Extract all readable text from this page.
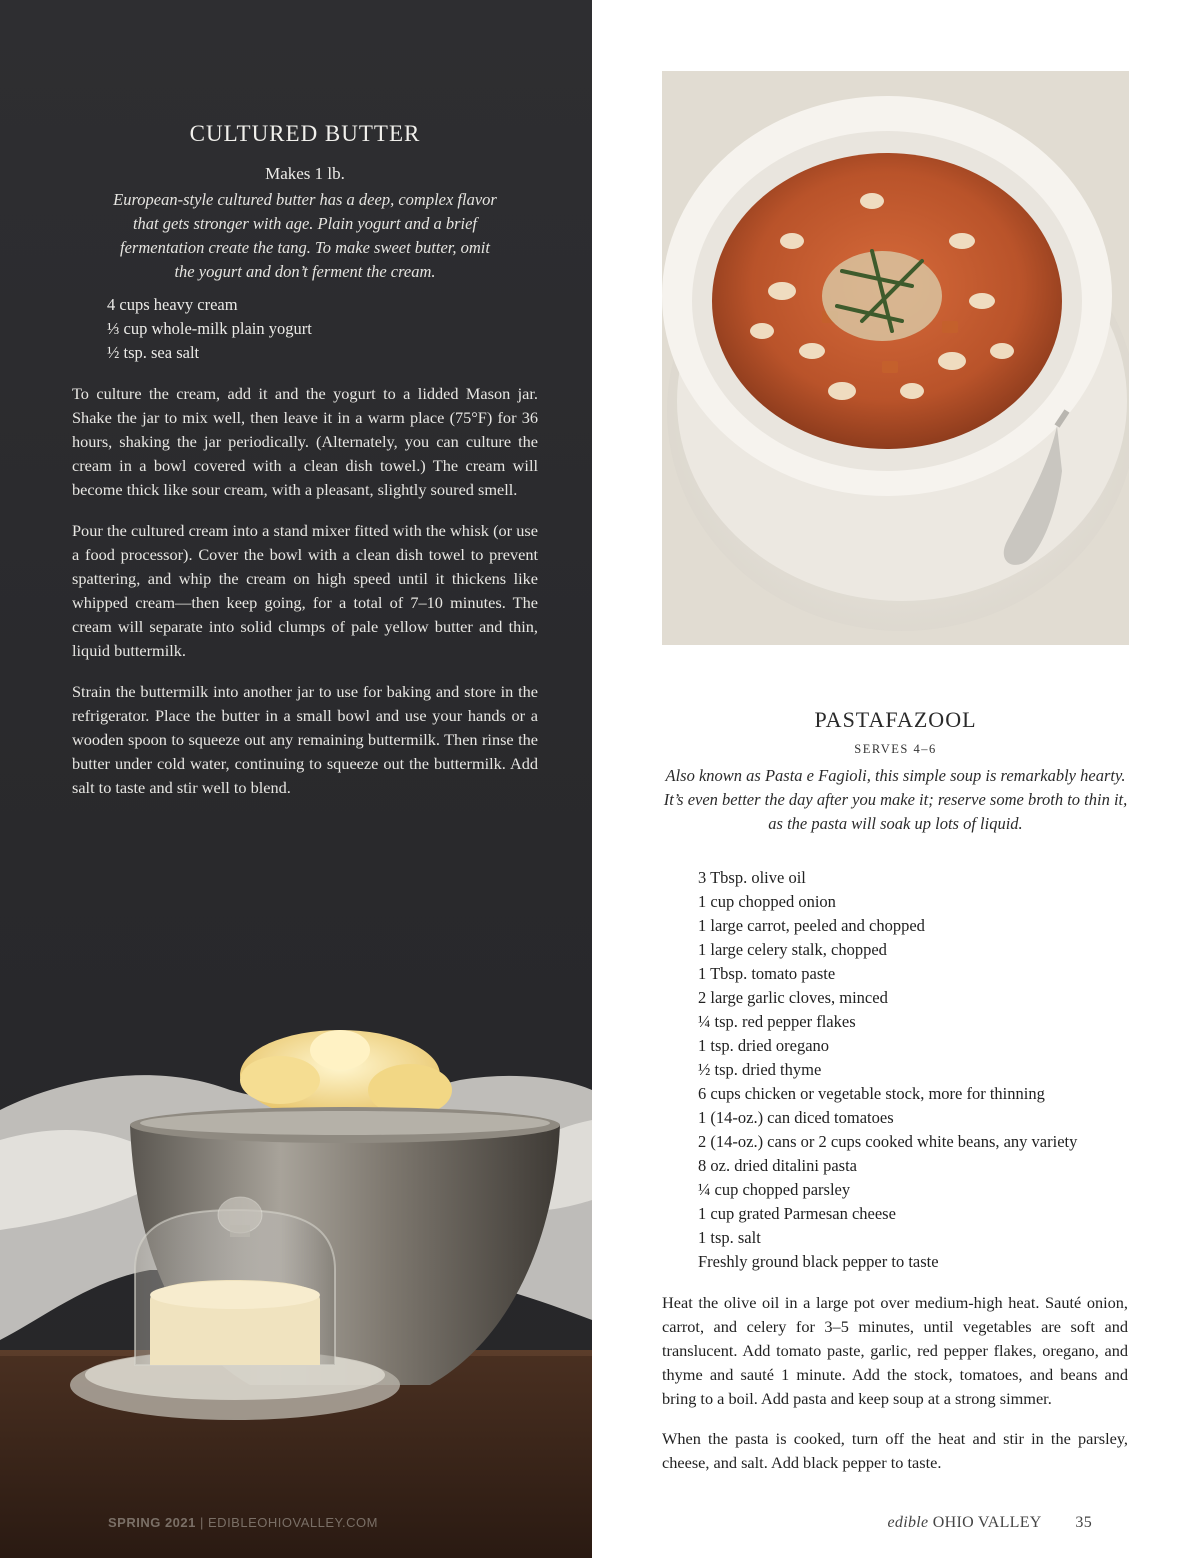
CULTURED BUTTER
Makes 1 lb.
European-style cultured butter has a deep, complex flavor that gets stronger with age. Plain yogurt and a brief fermentation create the tang. To make sweet butter, omit the yogurt and don’t ferment the cream.
4 cups heavy cream
⅓ cup whole-milk plain yogurt
½ tsp. sea salt

To culture the cream, add it and the yogurt to a lidded Mason jar. Shake the jar to mix well, then leave it in a warm place (75°F) for 36 hours, shaking the jar periodically. (Alternately, you can culture the cream in a bowl covered with a clean dish towel.) The cream will become thick like sour cream, with a pleasant, slightly soured smell.

Pour the cultured cream into a stand mixer fitted with the whisk (or use a food processor). Cover the bowl with a clean dish towel to prevent spattering, and whip the cream on high speed until it thickens like whipped cream—then keep going, for a total of 7–10 minutes. The cream will separate into solid clumps of pale yellow butter and thin, liquid buttermilk.

Strain the buttermilk into another jar to use for baking and store in the refrigerator. Place the butter in a small bowl and use your hands or a wooden spoon to squeeze out any remaining buttermilk. Then rinse the butter under cold water, continuing to squeeze out the buttermilk. Add salt to taste and stir well to blend.

SPRING 2021 | EDIBLEOHIOVALLEY.COM
PASTAFAZOOL
SERVES 4–6
Also known as Pasta e Fagioli, this simple soup is remarkably hearty. It’s even better the day after you make it; reserve some broth to thin it, as the pasta will soak up lots of liquid.
3 Tbsp. olive oil
1 cup chopped onion
1 large carrot, peeled and chopped
1 large celery stalk, chopped
1 Tbsp. tomato paste
2 large garlic cloves, minced
¼ tsp. red pepper flakes
1 tsp. dried oregano
½ tsp. dried thyme
6 cups chicken or vegetable stock, more for thinning
1 (14-oz.) can diced tomatoes
2 (14-oz.) cans or 2 cups cooked white beans, any variety
8 oz. dried ditalini pasta
¼ cup chopped parsley
1 cup grated Parmesan cheese
1 tsp. salt
Freshly ground black pepper to taste

Heat the olive oil in a large pot over medium-high heat. Sauté onion, carrot, and celery for 3–5 minutes, until vegetables are soft and translucent. Add tomato paste, garlic, red pepper flakes, oregano, and thyme and sauté 1 minute. Add the stock, tomatoes, and beans and bring to a boil. Add pasta and keep soup at a strong simmer.

When the pasta is cooked, turn off the heat and stir in the parsley, cheese, and salt. Add black pepper to taste.

edible OHIO VALLEY 35
